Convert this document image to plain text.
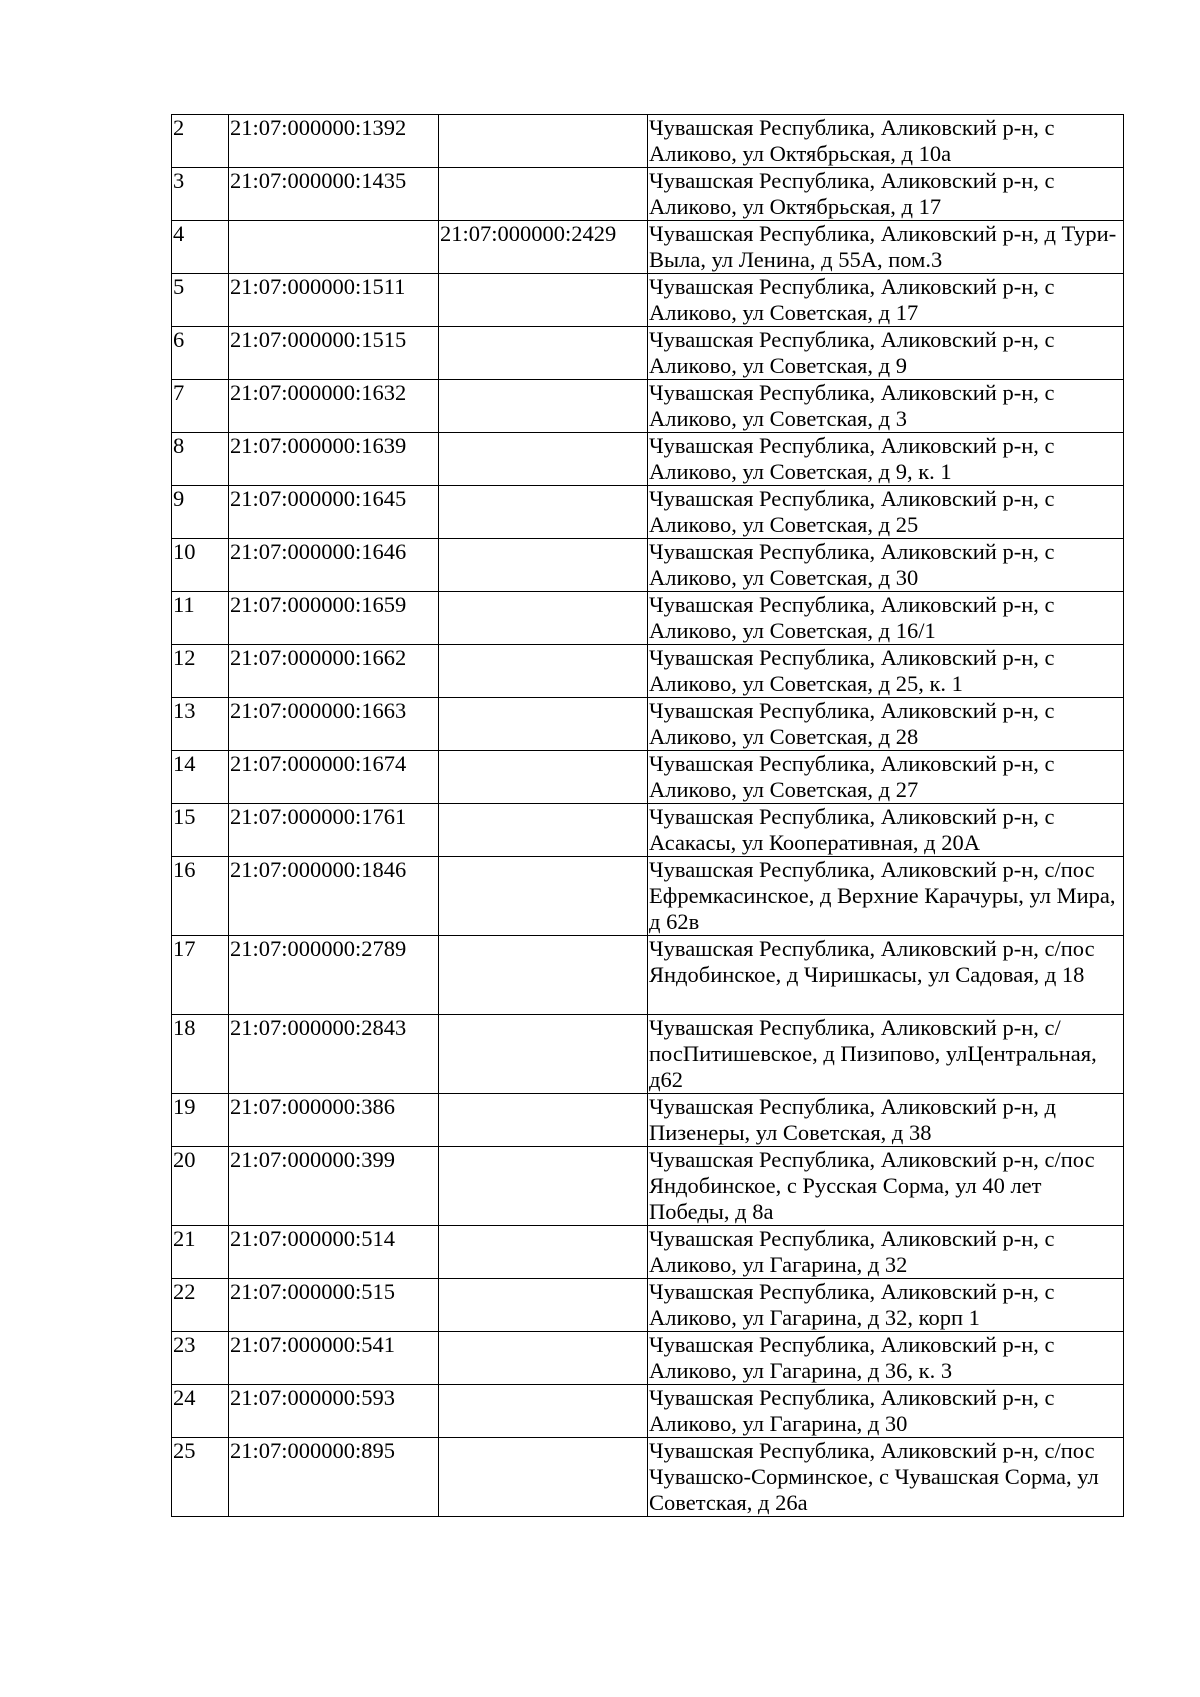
2	21:07:000000:1392		Чувашская Республика, Аликовский р-н, с Аликово, ул Октябрьская, д 10а
3	21:07:000000:1435		Чувашская Республика, Аликовский р-н, с Аликово, ул Октябрьская, д 17
4		21:07:000000:2429	Чувашская Республика, Аликовский р-н, д Тури-Выла, ул Ленина, д 55А, пом.3
5	21:07:000000:1511		Чувашская Республика, Аликовский р-н, с Аликово, ул Советская, д 17
6	21:07:000000:1515		Чувашская Республика, Аликовский р-н, с Аликово, ул Советская, д 9
7	21:07:000000:1632		Чувашская Республика, Аликовский р-н, с Аликово, ул Советская, д 3
8	21:07:000000:1639		Чувашская Республика, Аликовский р-н, с Аликово, ул Советская, д 9, к. 1
9	21:07:000000:1645		Чувашская Республика, Аликовский р-н, с Аликово, ул Советская, д 25
10	21:07:000000:1646		Чувашская Республика, Аликовский р-н, с Аликово, ул Советская, д 30
11	21:07:000000:1659		Чувашская Республика, Аликовский р-н, с Аликово, ул Советская, д 16/1
12	21:07:000000:1662		Чувашская Республика, Аликовский р-н, с Аликово, ул Советская, д 25, к. 1
13	21:07:000000:1663		Чувашская Республика, Аликовский р-н, с Аликово, ул Советская, д 28
14	21:07:000000:1674		Чувашская Республика, Аликовский р-н, с Аликово, ул Советская, д 27
15	21:07:000000:1761		Чувашская Республика, Аликовский р-н, с Асакасы, ул Кооперативная, д 20А
16	21:07:000000:1846		Чувашская Республика, Аликовский р-н, с/пос Ефремкасинское, д Верхние Карачуры, ул Мира, д 62в
17	21:07:000000:2789		Чувашская Республика, Аликовский р-н, с/пос Яндобинское, д Чиришкасы, ул Садовая, д 18
18	21:07:000000:2843		Чувашская Республика, Аликовский р-н, с/посПитишевское, д Пизипово, улЦентральная, д62
19	21:07:000000:386		Чувашская Республика, Аликовский р-н, д Пизенеры, ул Советская, д 38
20	21:07:000000:399		Чувашская Республика, Аликовский р-н, с/пос Яндобинское, с Русская Сорма, ул 40 лет Победы, д 8а
21	21:07:000000:514		Чувашская Республика, Аликовский р-н, с Аликово, ул Гагарина, д 32
22	21:07:000000:515		Чувашская Республика, Аликовский р-н, с Аликово, ул Гагарина, д 32, корп 1
23	21:07:000000:541		Чувашская Республика, Аликовский р-н, с Аликово, ул Гагарина, д 36, к. 3
24	21:07:000000:593		Чувашская Республика, Аликовский р-н, с Аликово, ул Гагарина, д 30
25	21:07:000000:895		Чувашская Республика, Аликовский р-н, с/пос Чувашско-Сорминское, с Чувашская Сорма, ул Советская, д 26а
